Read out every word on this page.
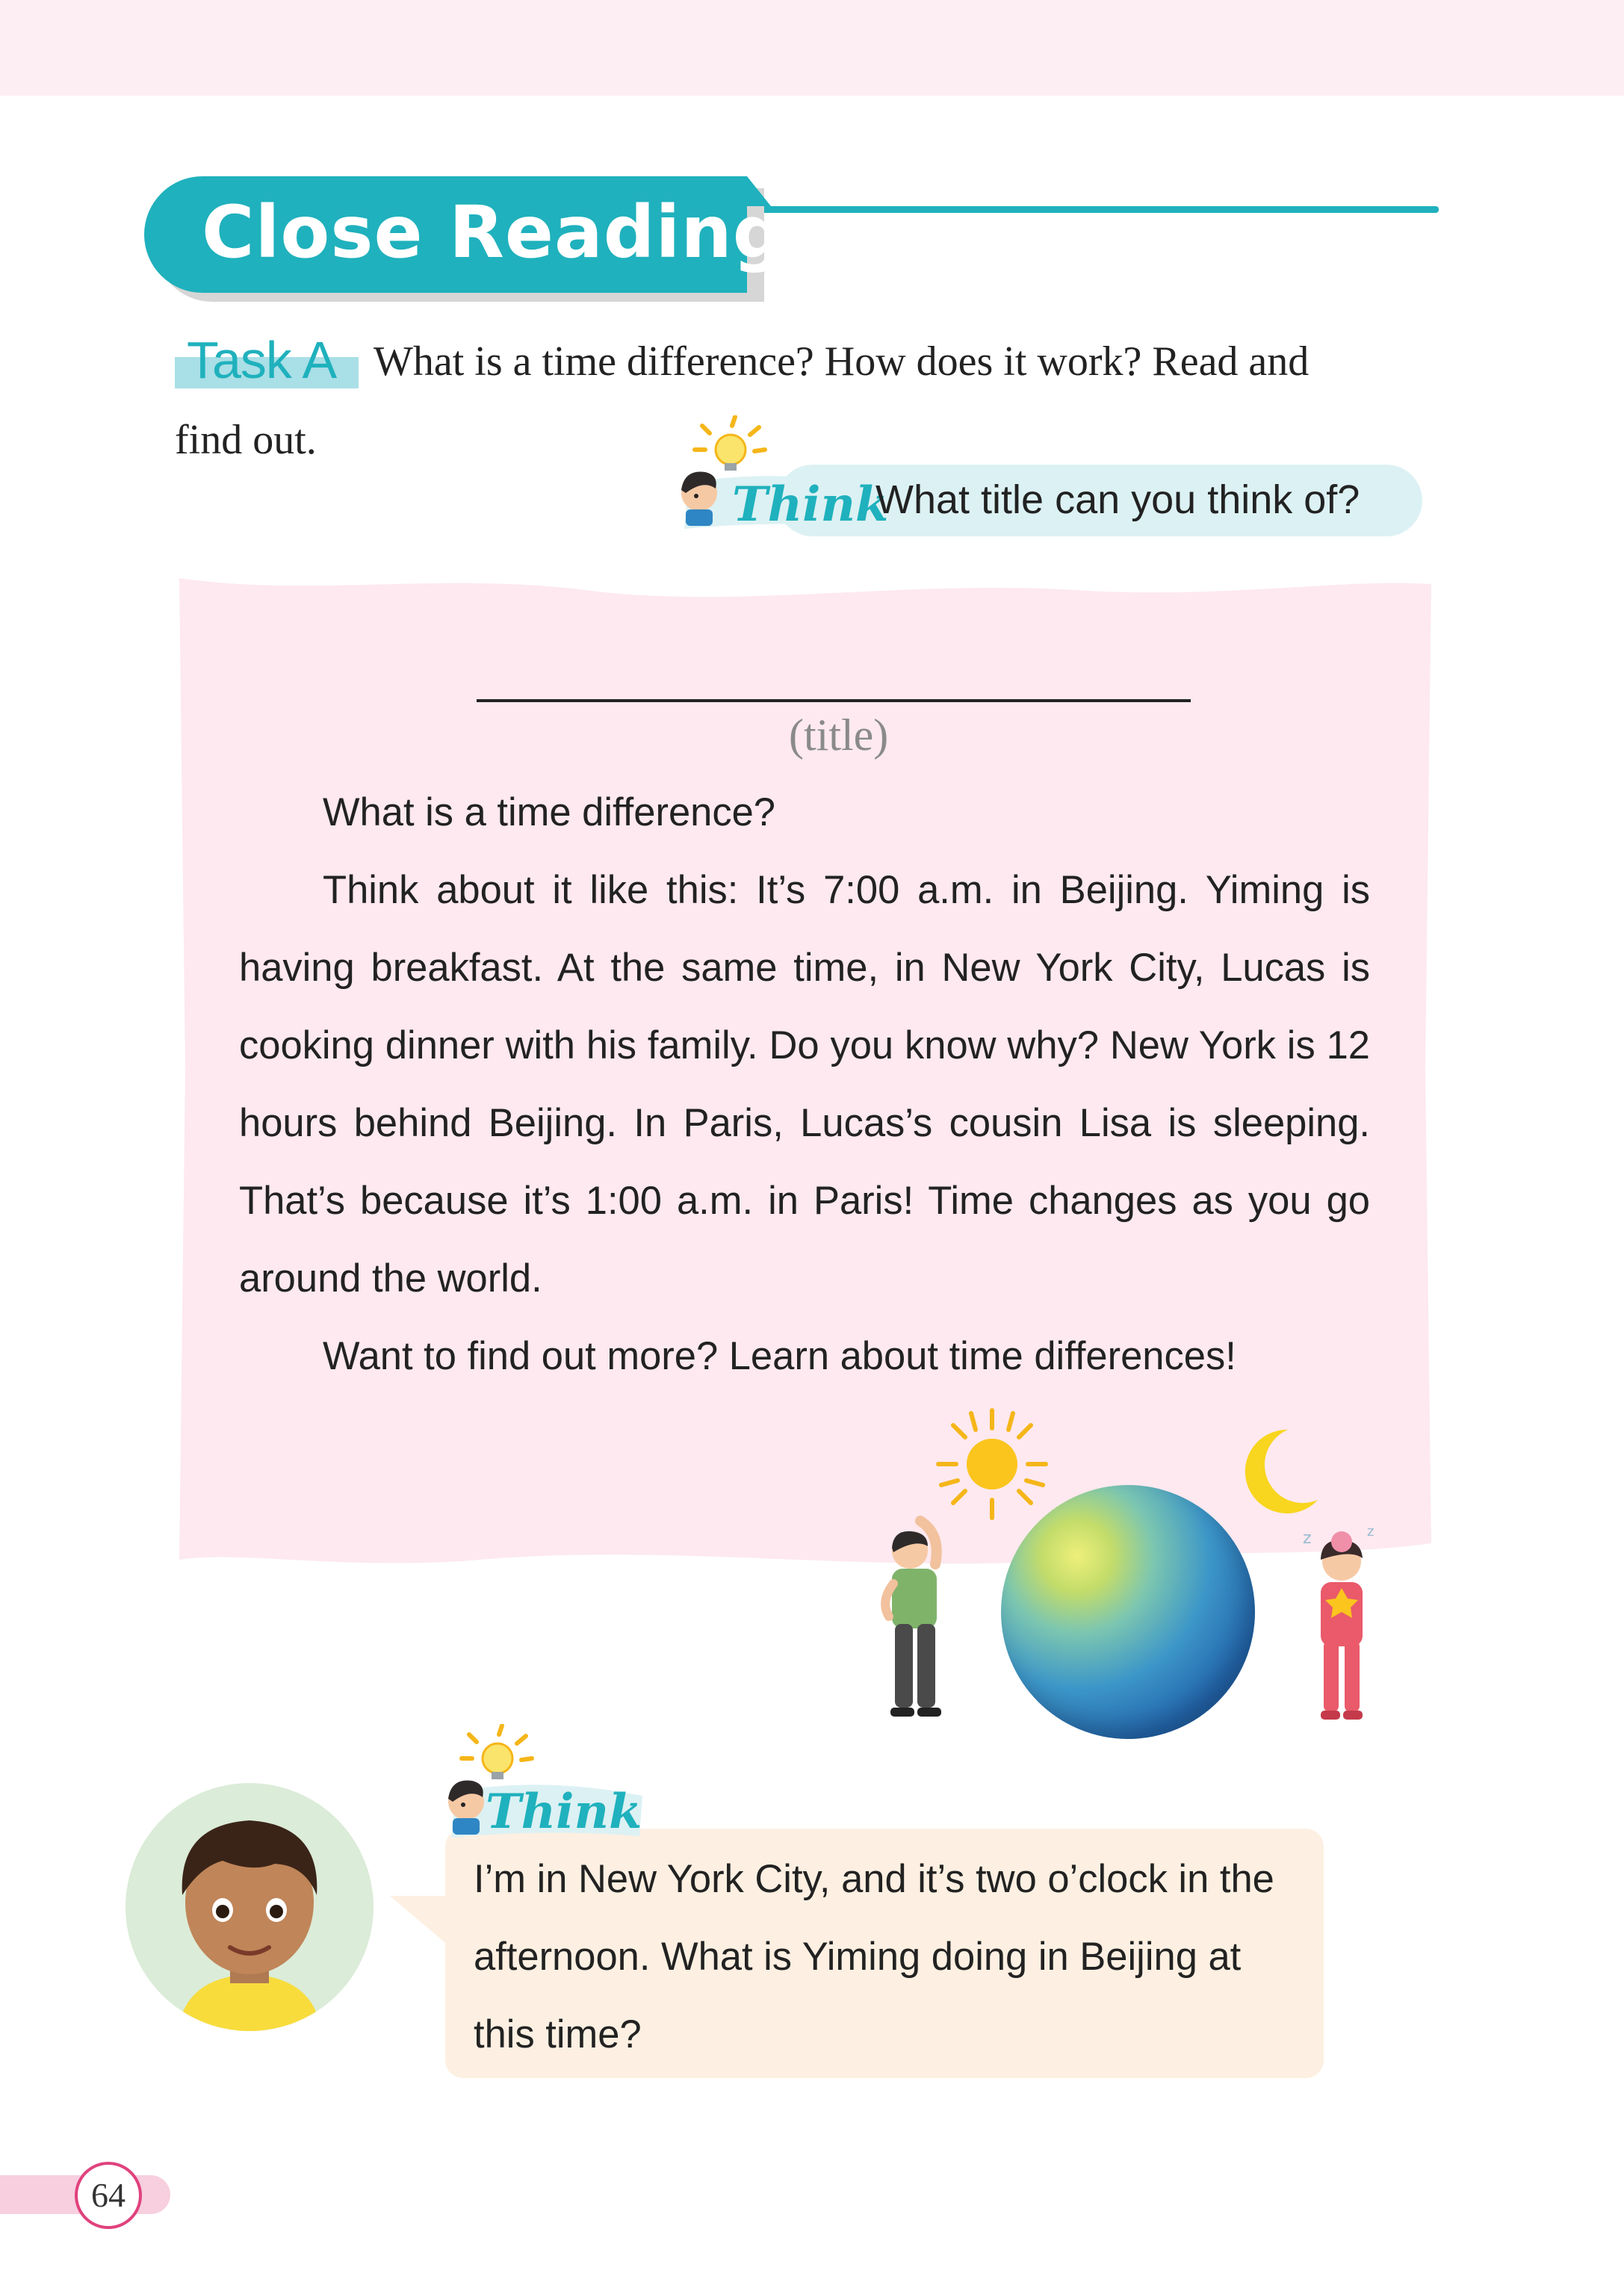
Close Reading
Task A What is a time difference? How does it work? Read and
find out.
Think
What title can you think of?
(title)

What is a time difference?

Think about it like this: It’s 7:00 a.m. in Beijing. Yiming is having breakfast. At the same time, in New York City, Lucas is cooking dinner with his family. Do you know why? New York is 12 hours behind Beijing. In Paris, Lucas’s cousin Lisa is sleeping. That’s because it’s 1:00 a.m. in Paris! Time changes as you go around the world.

Want to find out more? Learn about time differences!

z	z
Think
I’m in New York City, and it’s two o’clock in the afternoon. What is Yiming doing in Beijing at this time?
64
